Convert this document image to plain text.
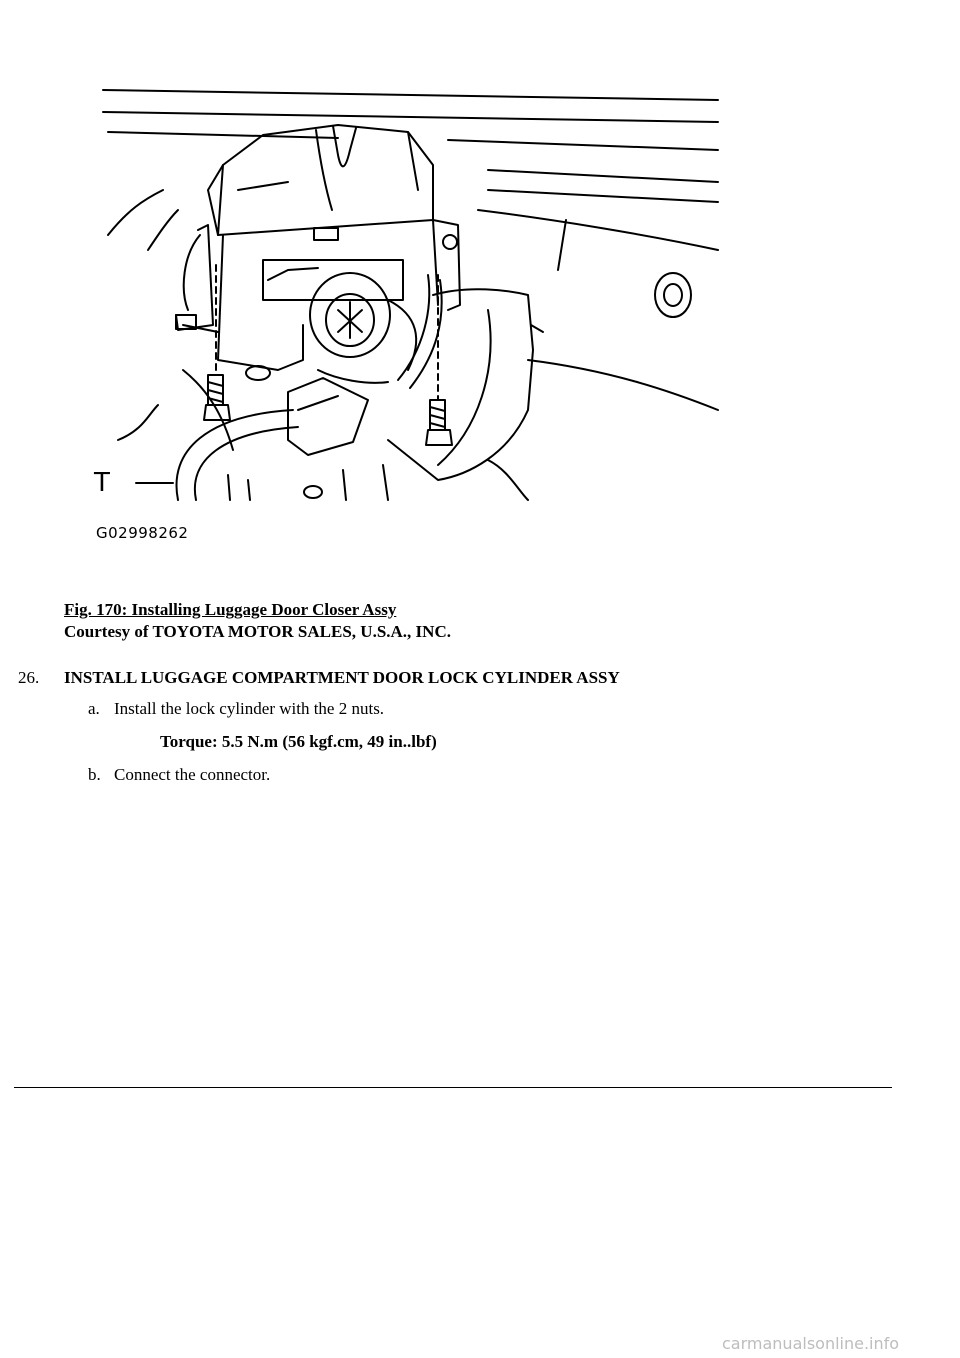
T
G02998262
Fig. 170: Installing Luggage Door Closer Assy
Courtesy of TOYOTA MOTOR SALES, U.S.A., INC.
26. INSTALL LUGGAGE COMPARTMENT DOOR LOCK CYLINDER ASSY
a. Install the lock cylinder with the 2 nuts.
Torque: 5.5 N.m (56 kgf.cm, 49 in..lbf)
b. Connect the connector.
carmanualsonline.info
